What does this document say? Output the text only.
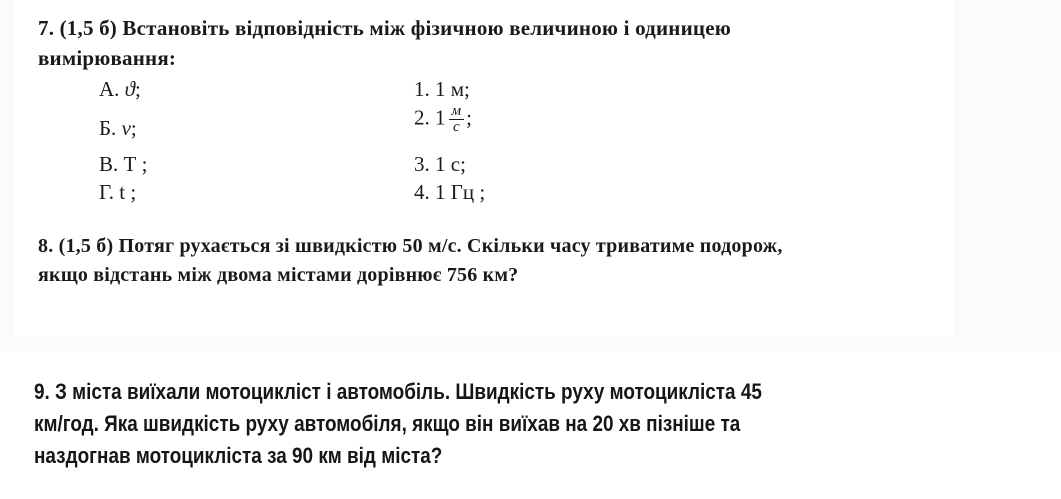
7. (1,5 б) Встановіть відповідність між фізичною величиною і одиницею

вимірювання:

А. ϑ;
Б. v;
В. Т ;
Г. t ;
1. 1 м;
2. $1 \frac{м}{с}$ ;
3. 1 с;
4. 1 Гц ;
8. (1,5 б) Потяг рухається зі швидкістю 50 м/с. Скільки часу триватиме подорож,
якщо відстань між двома містами дорівнює 756 км?
9. З міста виїхали мотоцикліст і автомобіль. Швидкість руху мотоцикліста 45
км/год. Яка швидкість руху автомобіля, якщо він виїхав на 20 хв пізніше та
наздогнав мотоцикліста за 90 км від міста?
